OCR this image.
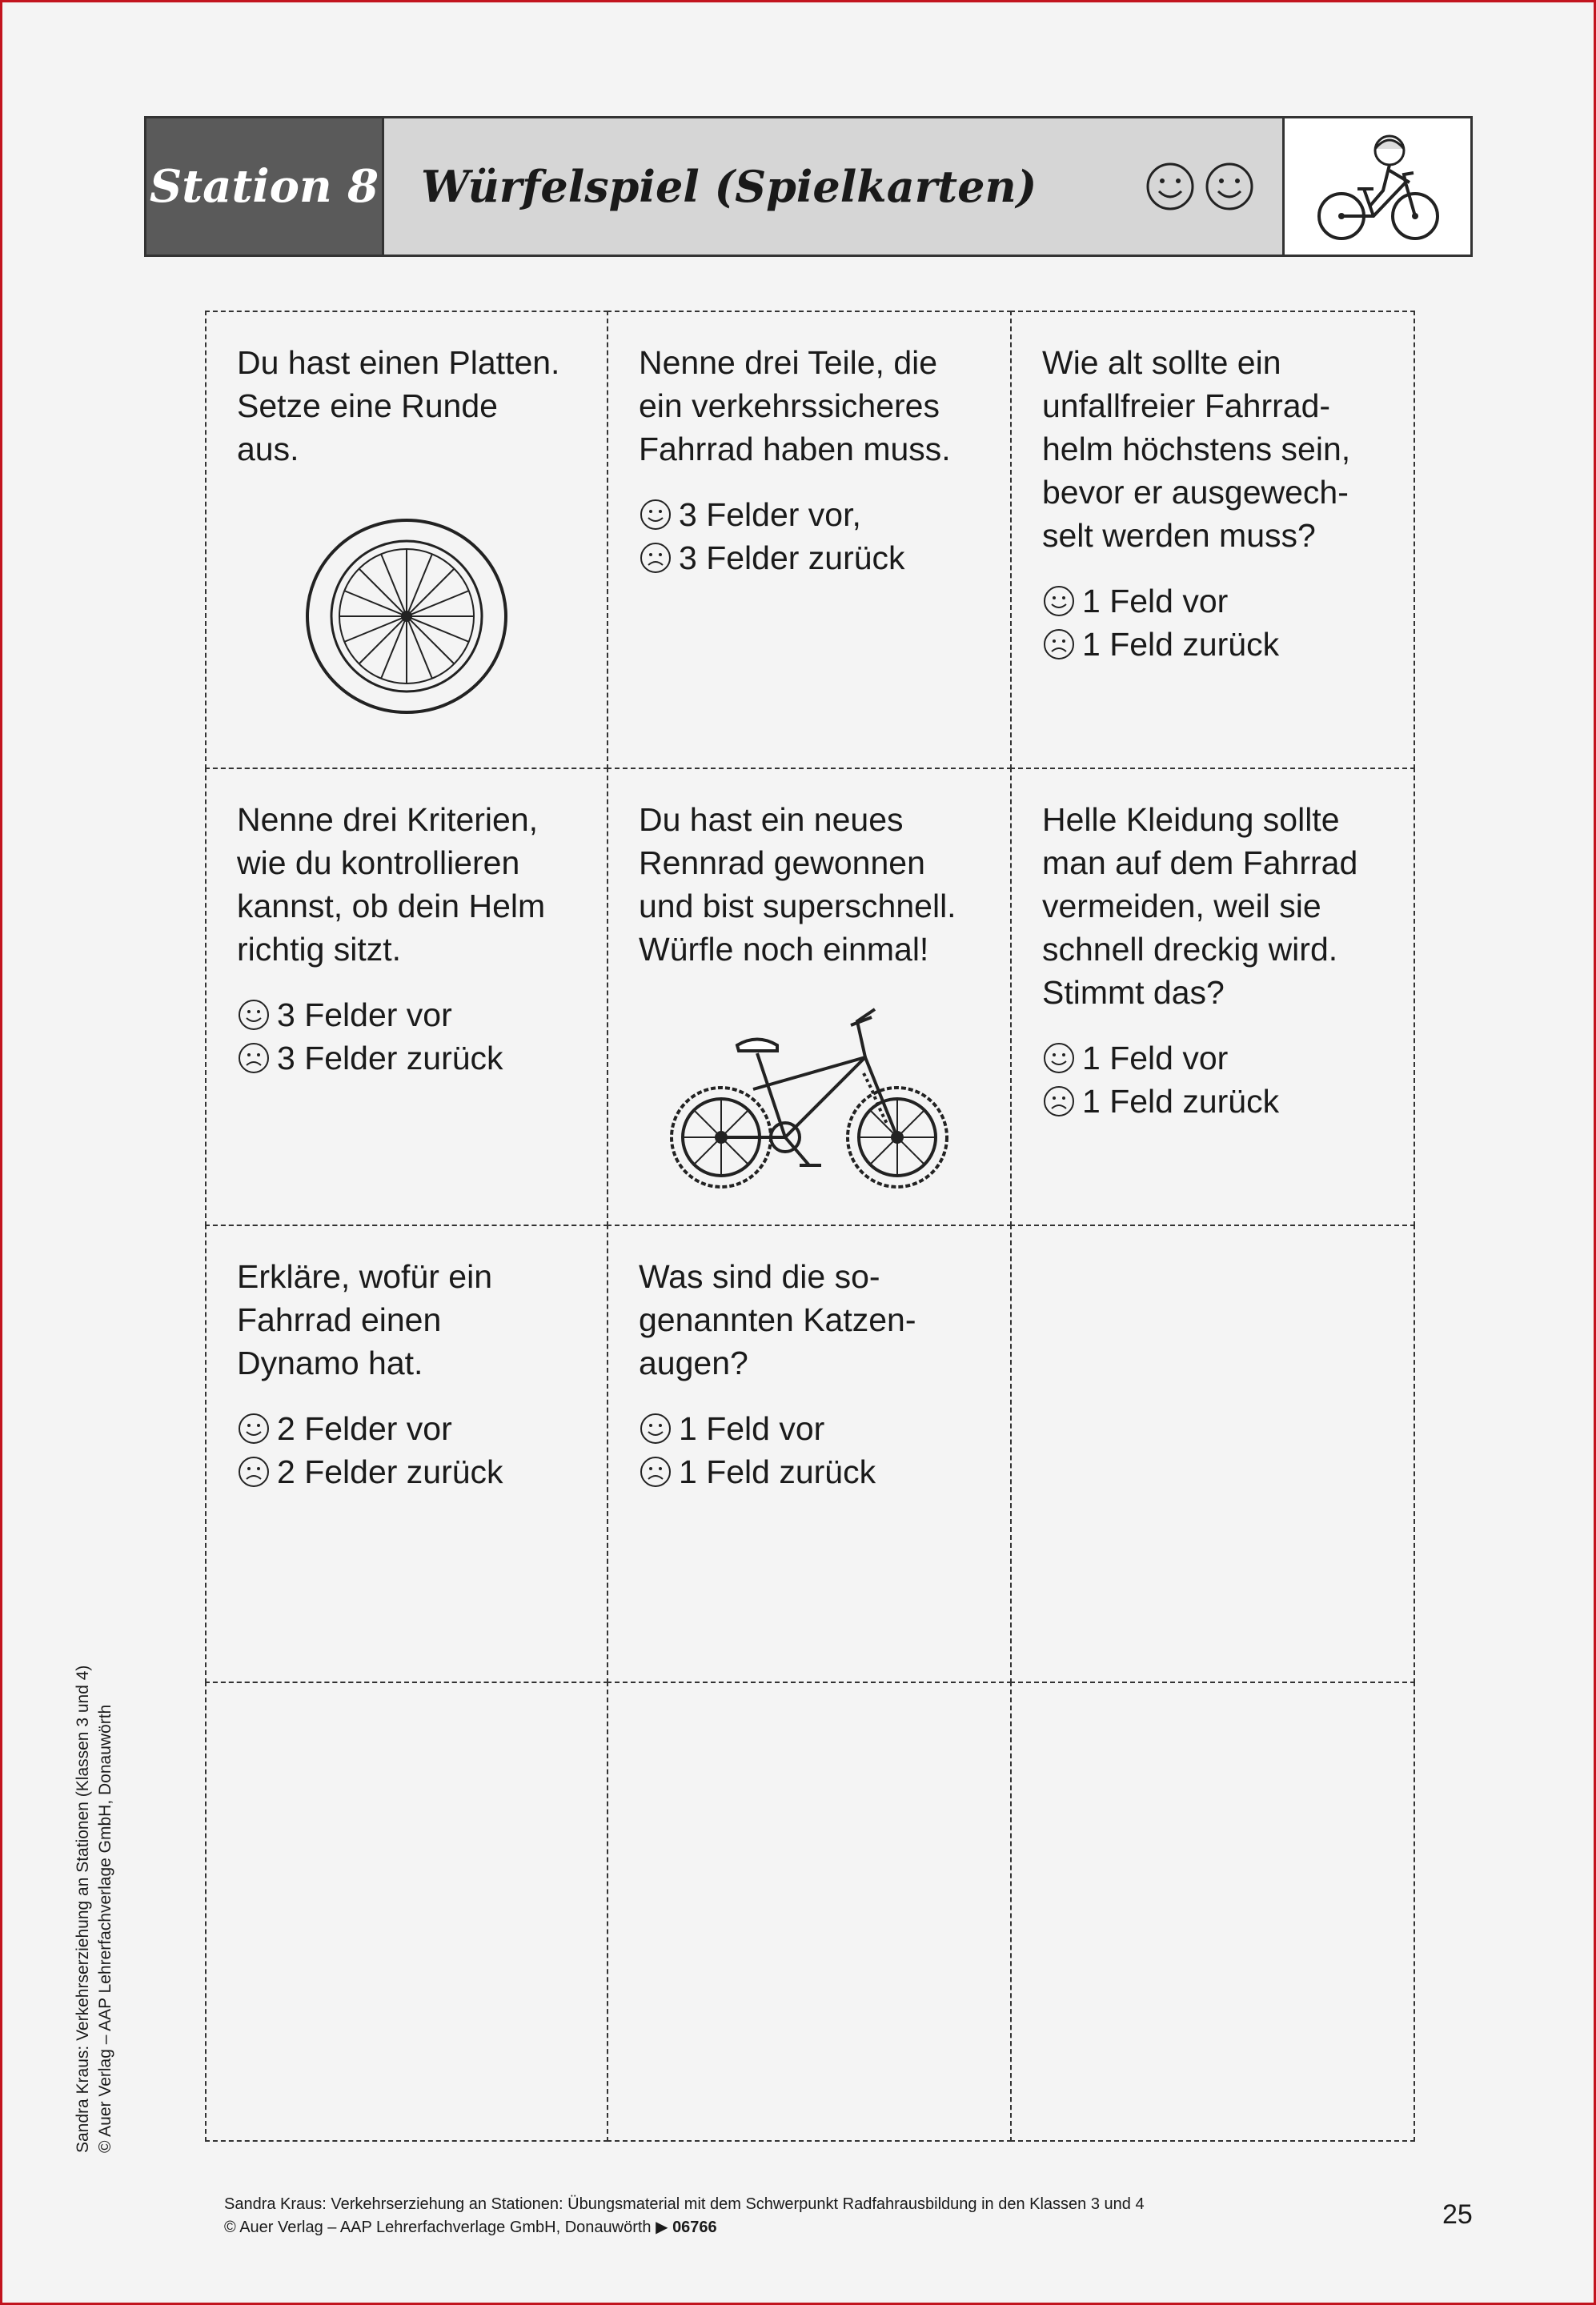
Station 8 Würfelspiel (Spielkarten)
Du hast einen Platten.
Setze eine Runde
aus.
Nenne drei Teile, die
ein verkehrssicheres
Fahrrad haben muss.
3 Felder vor,
3 Felder zurück
Wie alt sollte ein
unfallfreier Fahrrad-
helm höchstens sein,
bevor er ausgewech-
selt werden muss?
1 Feld vor
1 Feld zurück
Nenne drei Kriterien,
wie du kontrollieren
kannst, ob dein Helm
richtig sitzt.
3 Felder vor
3 Felder zurück
Du hast ein neues
Rennrad gewonnen
und bist superschnell.
Würfle noch einmal!
Helle Kleidung sollte
man auf dem Fahrrad
vermeiden, weil sie
schnell dreckig wird.
Stimmt das?
1 Feld vor
1 Feld zurück
Erkläre, wofür ein
Fahrrad einen
Dynamo hat.
2 Felder vor
2 Felder zurück
Was sind die so-
genannten Katzen-
augen?
1 Feld vor
1 Feld zurück
Sandra Kraus: Verkehrserziehung an Stationen (Klassen 3 und 4) © Auer Verlag – AAP Lehrerfachverlage GmbH, Donauwörth
Sandra Kraus: Verkehrserziehung an Stationen: Übungsmaterial mit dem Schwerpunkt Radfahrausbildung in den Klassen 3 und 4
© Auer Verlag – AAP Lehrerfachverlage GmbH, Donauwörth ▶ 06766	25
